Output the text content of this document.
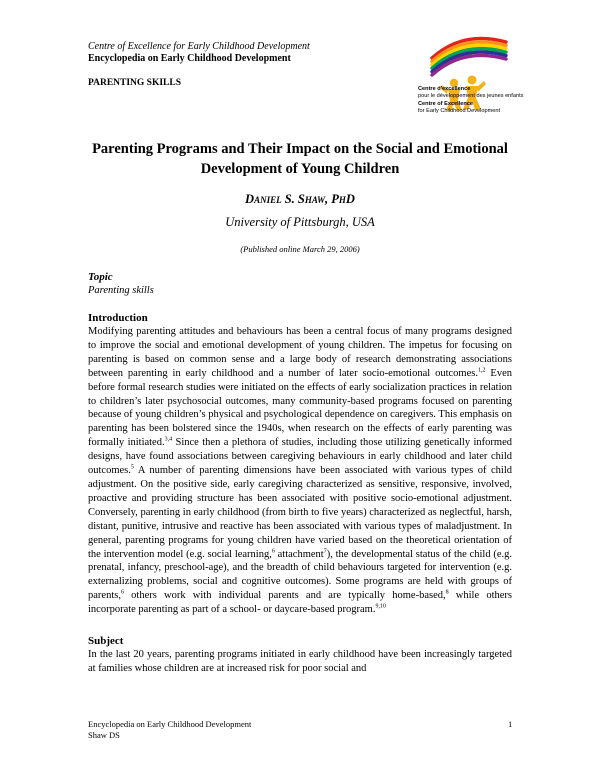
Centre of Excellence for Early Childhood Development
Encyclopedia on Early Childhood Development
PARENTING SKILLS
Centre d'excellence
pour le développement des jeunes enfants
Centre of Excellence
for Early Childhood Development
Parenting Programs and Their Impact on the Social and Emotional Development of Young Children
Daniel S. Shaw, PhD
University of Pittsburgh, USA
(Published online March 29, 2006)
Topic
Parenting skills
Introduction
Modifying parenting attitudes and behaviours has been a central focus of many programs designed to improve the social and emotional development of young children. The impetus for focusing on parenting is based on common sense and a large body of research demonstrating associations between parenting in early childhood and a number of later socio-emotional outcomes.$^{1,2}$ Even before formal research studies were initiated on the effects of early socialization practices in relation to children’s later psychosocial outcomes, many community-based programs focused on parenting because of young children’s physical and psychological dependence on caregivers. This emphasis on parenting has been bolstered since the 1940s, when research on the effects of early parenting was formally initiated.$^{3,4}$ Since then a plethora of studies, including those utilizing genetically informed designs, have found associations between caregiving behaviours in early childhood and later child outcomes.$^5$ A number of parenting dimensions have been associated with various types of child adjustment. On the positive side, early caregiving characterized as sensitive, responsive, involved, proactive and providing structure has been associated with positive socio-emotional adjustment. Conversely, parenting in early childhood (from birth to five years) characterized as neglectful, harsh, distant, punitive, intrusive and reactive has been associated with various types of maladjustment. In general, parenting programs for young children have varied based on the theoretical orientation of the intervention model (e.g. social learning,$^6$ attachment$^7$), the developmental status of the child (e.g. prenatal, infancy, preschool-age), and the breadth of child behaviours targeted for intervention (e.g. externalizing problems, social and cognitive outcomes). Some programs are held with groups of parents,$^6$ others work with individual parents and are typically home-based,$^8$ while others incorporate parenting as part of a school- or daycare-based program.$^{9,10}$
Subject
In the last 20 years, parenting programs initiated in early childhood have been increasingly targeted at families whose children are at increased risk for poor social and
Encyclopedia on Early Childhood Development
Shaw DS
1
